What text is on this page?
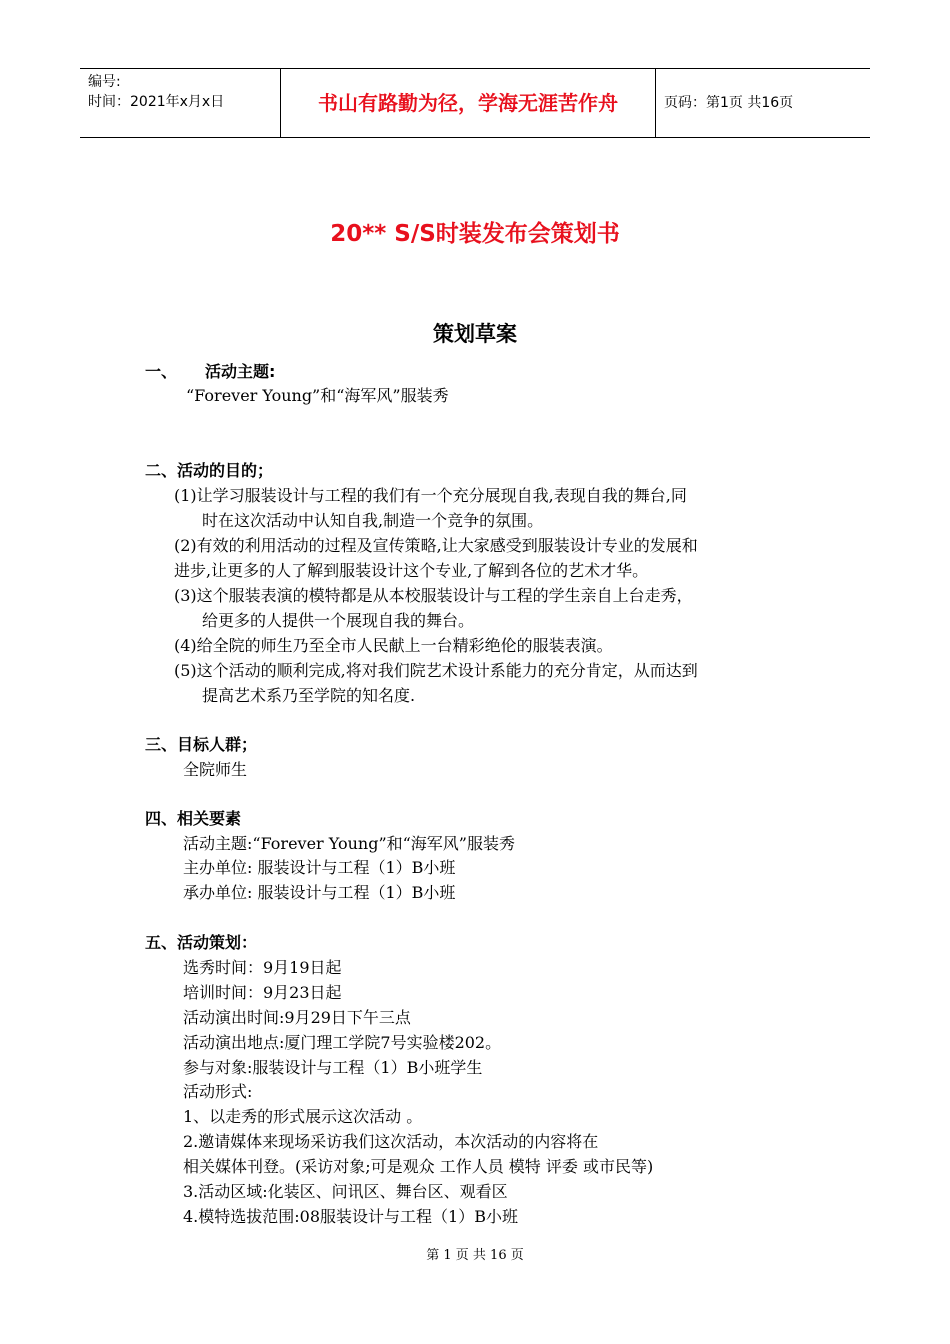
编号:
时间：2021年x月x日	书山有路勤为径，学海无涯苦作舟	页码：第1页 共16页
20** S/S时装发布会策划书
策划草案
一、 活动主题:
“Forever Young”和“海军风”服装秀
二、活动的目的；
(1)让学习服装设计与工程的我们有一个充分展现自我,表现自我的舞台,同
时在这次活动中认知自我,制造一个竞争的氛围。
(2)有效的利用活动的过程及宣传策略,让大家感受到服装设计专业的发展和
进步,让更多的人了解到服装设计这个专业,了解到各位的艺术才华。
(3)这个服装表演的模特都是从本校服装设计与工程的学生亲自上台走秀，
给更多的人提供一个展现自我的舞台。
(4)给全院的师生乃至全市人民献上一台精彩绝伦的服装表演。
(5)这个活动的顺利完成,将对我们院艺术设计系能力的充分肯定，从而达到
提高艺术系乃至学院的知名度.
三、目标人群；
全院师生
四、相关要素
活动主题:“Forever Young”和“海军风”服装秀
主办单位: 服装设计与工程（1）B小班
承办单位: 服装设计与工程（1）B小班
五、活动策划：
选秀时间：9月19日起
培训时间：9月23日起
活动演出时间:9月29日下午三点
活动演出地点:厦门理工学院7号实验楼202。
参与对象:服装设计与工程（1）B小班学生
活动形式:
1、以走秀的形式展示这次活动 。
2.邀请媒体来现场采访我们这次活动，本次活动的内容将在
相关媒体刊登。(采访对象;可是观众 工作人员 模特 评委 或市民等)
3.活动区域:化装区、问讯区、舞台区、观看区
4.模特选拔范围:08服装设计与工程（1）B小班
第 1 页 共 16 页
